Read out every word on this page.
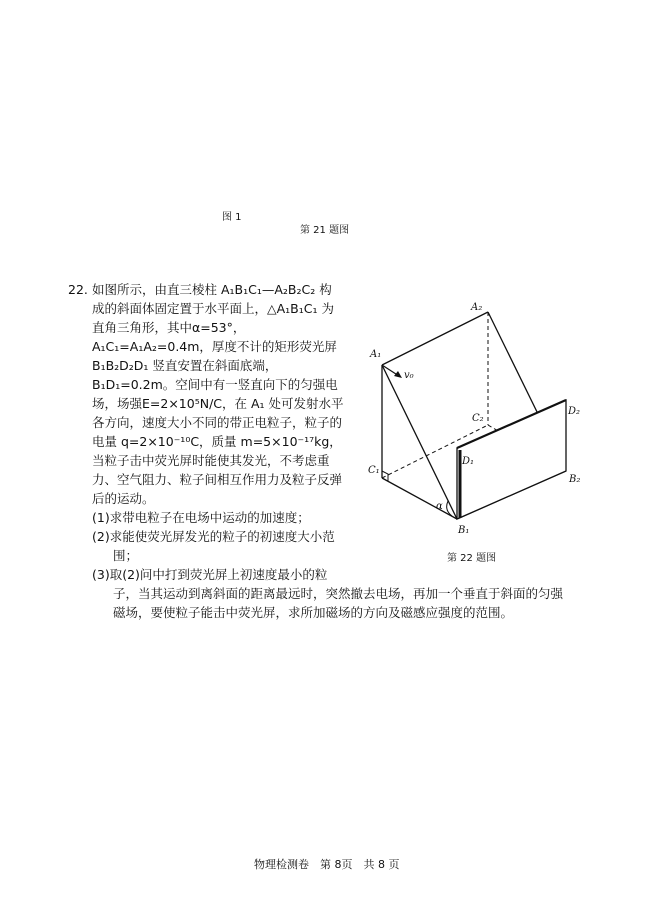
图 1
第 21 题图
22. 如图所示，由直三棱柱 A₁B₁C₁—A₂B₂C₂ 构
成的斜面体固定置于水平面上，△A₁B₁C₁ 为
直角三角形，其中α=53°，
A₁C₁=A₁A₂=0.4m，厚度不计的矩形荧光屏
B₁B₂D₂D₁ 竖直安置在斜面底端，
B₁D₁=0.2m。空间中有一竖直向下的匀强电
场，场强E=2×10⁵N/C，在 A₁ 处可发射水平
各方向，速度大小不同的带正电粒子，粒子的
电量 q=2×10⁻¹⁰C，质量 m=5×10⁻¹⁷kg，
当粒子击中荧光屏时能使其发光，不考虑重
力、空气阻力、粒子间相互作用力及粒子反弹
后的运动。
(1)求带电粒子在电场中运动的加速度；
(2)求能使荧光屏发光的粒子的初速度大小范
围；
(3)取(2)问中打到荧光屏上初速度最小的粒
子，当其运动到离斜面的距离最远时，突然撤去电场，再加一个垂直于斜面的匀强
磁场，要使粒子能击中荧光屏，求所加磁场的方向及磁感应强度的范围。
A₁
A₂
C₁
C₂
B₁
B₂
D₁
D₂
v₀
α
第 22 题图
物理检测卷　第 8页　共 8 页
